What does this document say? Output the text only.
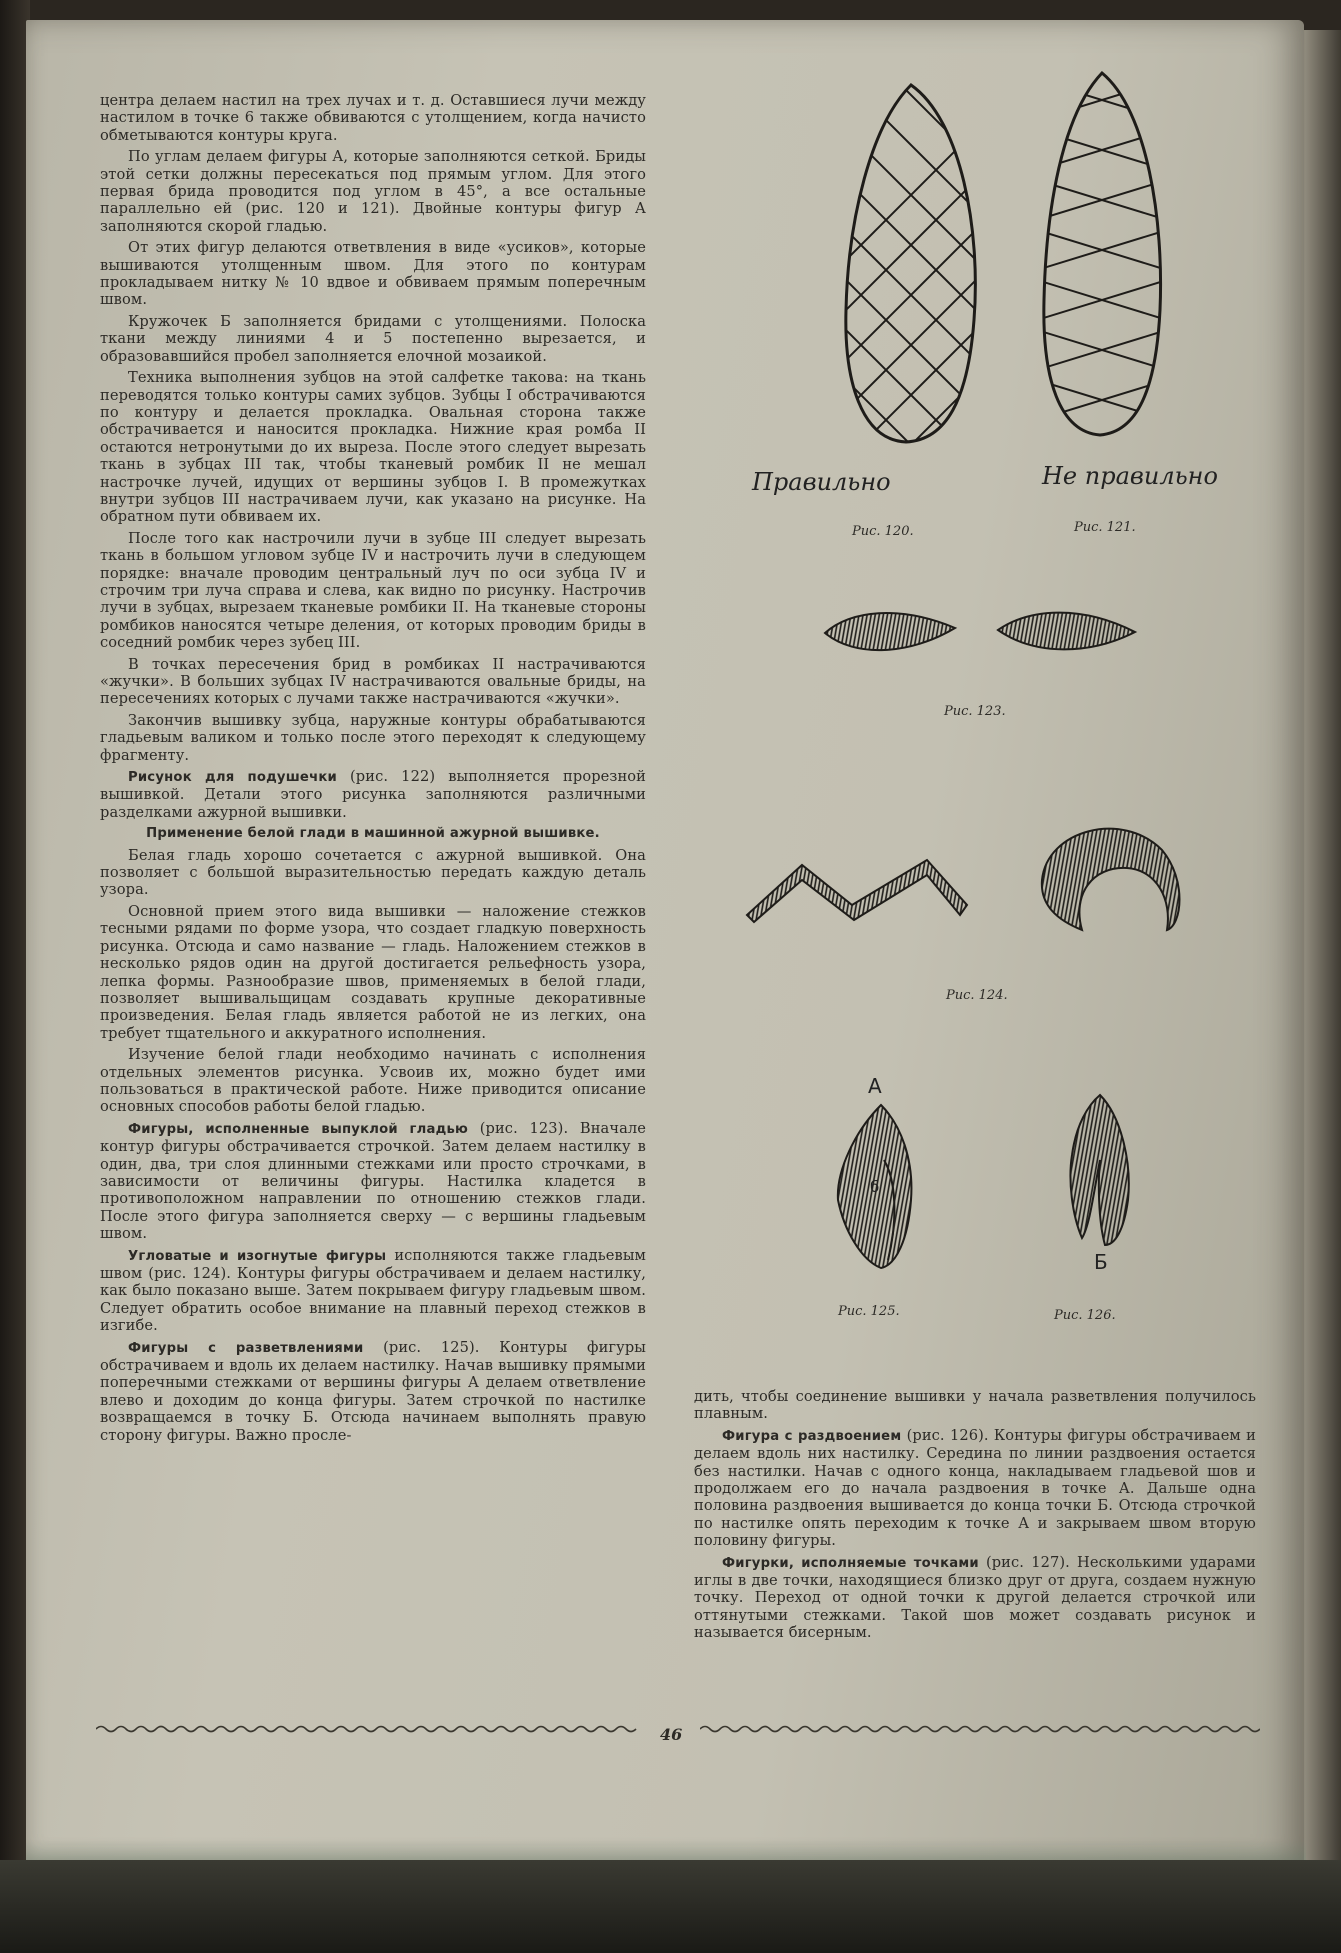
центра делаем настил на трех лучах и т. д. Оставшиеся лучи между настилом в точке 6 также обвиваются с утолщением, когда начисто обметываются контуры круга.

По углам делаем фигуры А, которые заполняются сеткой. Бриды этой сетки должны пересекаться под прямым углом. Для этого первая брида проводится под углом в 45°, а все остальные параллельно ей (рис. 120 и 121). Двойные контуры фигур А заполняются скорой гладью.

От этих фигур делаются ответвления в виде «усиков», которые вышиваются утолщенным швом. Для этого по контурам прокладываем нитку № 10 вдвое и обвиваем прямым поперечным швом.

Кружочек Б заполняется бридами с утолщениями. Полоска ткани между линиями 4 и 5 постепенно вырезается, и образовавшийся пробел заполняется елочной мозаикой.

Техника выполнения зубцов на этой салфетке такова: на ткань переводятся только контуры самих зубцов. Зубцы I обстрачиваются по контуру и делается прокладка. Овальная сторона также обстрачивается и наносится прокладка. Нижние края ромба II остаются нетронутыми до их выреза. После этого следует вырезать ткань в зубцах III так, чтобы тканевый ромбик II не мешал настрочке лучей, идущих от вершины зубцов I. В промежутках внутри зубцов III настрачиваем лучи, как указано на рисунке. На обратном пути обвиваем их.

После того как настрочили лучи в зубце III следует вырезать ткань в большом угловом зубце IV и настрочить лучи в следующем порядке: вначале проводим центральный луч по оси зубца IV и строчим три луча справа и слева, как видно по рисунку. Настрочив лучи в зубцах, вырезаем тканевые ромбики II. На тканевые стороны ромбиков наносятся четыре деления, от которых проводим бриды в соседний ромбик через зубец III.

В точках пересечения брид в ромбиках II настрачиваются «жучки». В больших зубцах IV настрачиваются овальные бриды, на пересечениях которых с лучами также настрачиваются «жучки».

Закончив вышивку зубца, наружные контуры обрабатываются гладьевым валиком и только после этого переходят к следующему фрагменту.

Рисунок для подушечки (рис. 122) выполняется прорезной вышивкой. Детали этого рисунка заполняются различными разделками ажурной вышивки.

Применение белой глади в машинной ажурной вышивке.

Белая гладь хорошо сочетается с ажурной вышивкой. Она позволяет с большой выразительностью передать каждую деталь узора.

Основной прием этого вида вышивки — наложение стежков тесными рядами по форме узора, что создает гладкую поверхность рисунка. Отсюда и само название — гладь. Наложением стежков в несколько рядов один на другой достигается рельефность узора, лепка формы. Разнообразие швов, применяемых в белой глади, позволяет вышивальщицам создавать крупные декоративные произведения. Белая гладь является работой не из легких, она требует тщательного и аккуратного исполнения.

Изучение белой глади необходимо начинать с исполнения отдельных элементов рисунка. Усвоив их, можно будет ими пользоваться в практической работе. Ниже приводится описание основных способов работы белой гладью.

Фигуры, исполненные выпуклой гладью (рис. 123). Вначале контур фигуры обстрачивается строчкой. Затем делаем настилку в один, два, три слоя длинными стежками или просто строчками, в зависимости от величины фигуры. Настилка кладется в противоположном направлении по отношению стежков глади. После этого фигура заполняется сверху — с вершины гладьевым швом.

Угловатые и изогнутые фигуры исполняются также гладьевым швом (рис. 124). Контуры фигуры обстрачиваем и делаем настилку, как было показано выше. Затем покрываем фигуру гладьевым швом. Следует обратить особое внимание на плавный переход стежков в изгибе.

Фигуры с разветвлениями (рис. 125). Контуры фигуры обстрачиваем и вдоль их делаем настилку. Начав вышивку прямыми поперечными стежками от вершины фигуры А делаем ответвление влево и доходим до конца фигуры. Затем строчкой по настилке возвращаемся в точку Б. Отсюда начинаем выполнять правую сторону фигуры. Важно просле-

дить, чтобы соединение вышивки у начала разветвления получилось плавным.

Фигура с раздвоением (рис. 126). Контуры фигуры обстрачиваем и делаем вдоль них настилку. Середина по линии раздвоения остается без настилки. Начав с одного конца, накладываем гладьевой шов и продолжаем его до начала раздвоения в точке А. Дальше одна половина раздвоения вышивается до конца точки Б. Отсюда строчкой по настилке опять переходим к точке А и закрываем швом вторую половину фигуры.

Фигурки, исполняемые точками (рис. 127). Несколькими ударами иглы в две точки, находящиеся близко друг от друга, создаем нужную точку. Переход от одной точки к другой делается строчкой или оттянутыми стежками. Такой шов может создавать рисунок и называется бисерным.

Правильно	Не правильно
Рис. 120.	Рис. 121.
Рис. 123.
Рис. 124.
А
б
Рис. 125.
Б
Рис. 126.
46
